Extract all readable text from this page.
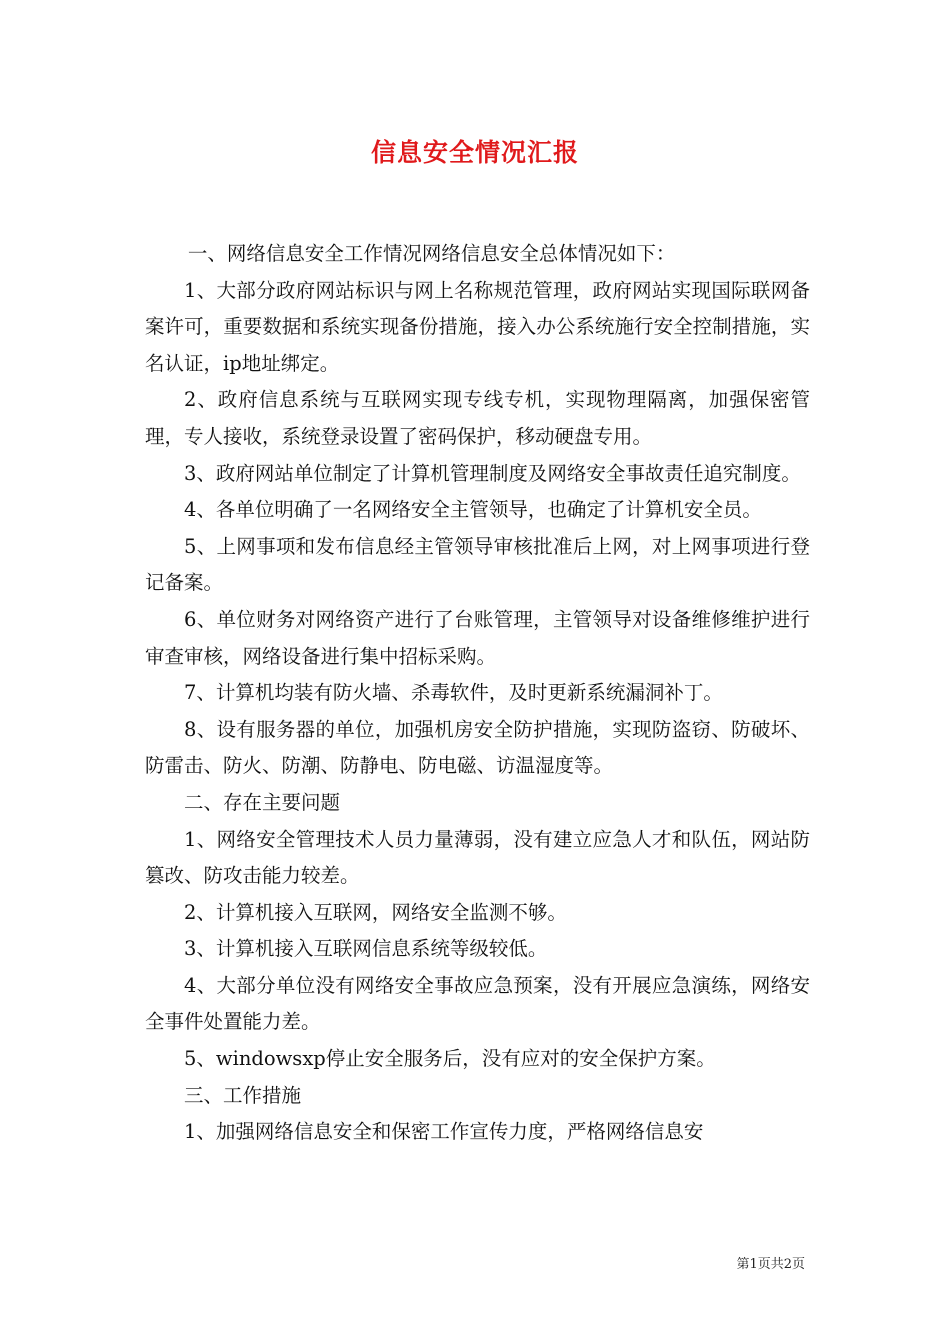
信息安全情况汇报

一、网络信息安全工作情况网络信息安全总体情况如下：

1、大部分政府网站标识与网上名称规范管理，政府网站实现国际联网备案许可，重要数据和系统实现备份措施，接入办公系统施行安全控制措施，实名认证，ip地址绑定。

2、政府信息系统与互联网实现专线专机，实现物理隔离，加强保密管理，专人接收，系统登录设置了密码保护，移动硬盘专用。

3、政府网站单位制定了计算机管理制度及网络安全事故责任追究制度。

4、各单位明确了一名网络安全主管领导，也确定了计算机安全员。

5、上网事项和发布信息经主管领导审核批准后上网，对上网事项进行登记备案。

6、单位财务对网络资产进行了台账管理，主管领导对设备维修维护进行审查审核，网络设备进行集中招标采购。

7、计算机均装有防火墙、杀毒软件，及时更新系统漏洞补丁。

8、设有服务器的单位，加强机房安全防护措施，实现防盗窃、防破坏、防雷击、防火、防潮、防静电、防电磁、访温湿度等。

二、存在主要问题

1、网络安全管理技术人员力量薄弱，没有建立应急人才和队伍，网站防篡改、防攻击能力较差。

2、计算机接入互联网，网络安全监测不够。

3、计算机接入互联网信息系统等级较低。

4、大部分单位没有网络安全事故应急预案，没有开展应急演练，网络安全事件处置能力差。

5、windowsxp停止安全服务后，没有应对的安全保护方案。

三、工作措施

1、加强网络信息安全和保密工作宣传力度，严格网络信息安

第1页共2页
